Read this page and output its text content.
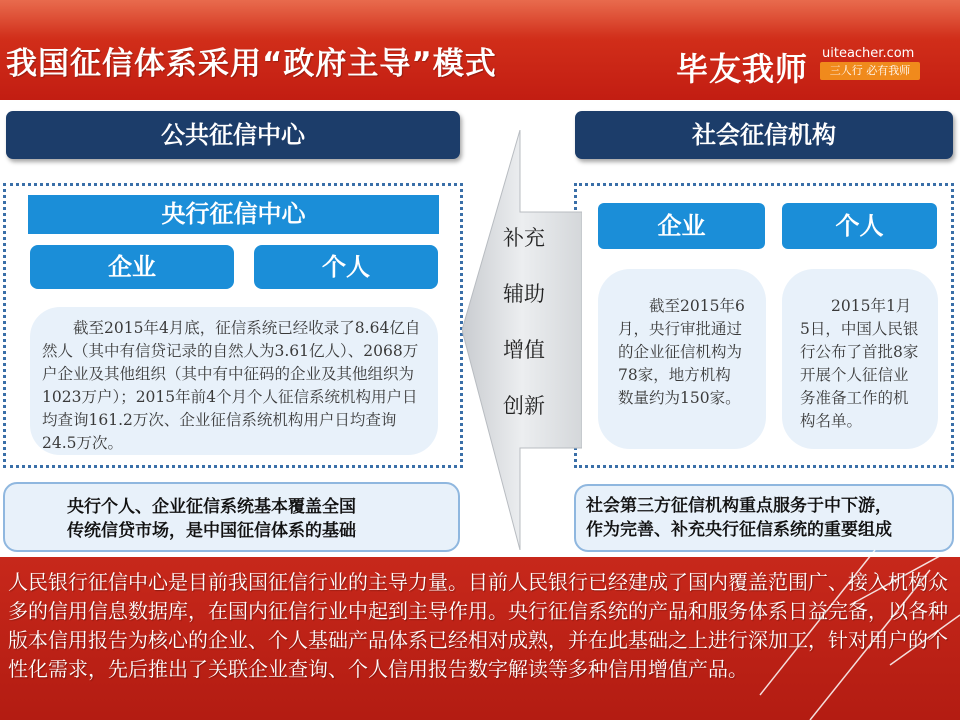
我国征信体系采用“政府主导”模式	毕友我师 uiteacher.com
三人行 必有我师
公共征信中心	社会征信机构
央行征信中心
企业	个人
截至2015年4月底，征信系统已经收录了8.64亿自然人（其中有信贷记录的自然人为3.61亿人）、2068万户企业及其他组织（其中有中征码的企业及其他组织为1023万户）；2015年前4个月个人征信系统机构用户日均查询161.2万次、企业征信系统机构用户日均查询24.5万次。
企业	个人
截至2015年6月，央行审批通过的企业征信机构为78家，地方机构数量约为150家。
2015年1月5日，中国人民银行公布了首批8家开展个人征信业务准备工作的机构名单。
补充
辅助
增值
创新
央行个人、企业征信系统基本覆盖全国
传统信贷市场，是中国征信体系的基础
社会第三方征信机构重点服务于中下游，
作为完善、补充央行征信系统的重要组成
人民银行征信中心是目前我国征信行业的主导力量。目前人民银行已经建成了国内覆盖范围广、接入机构众多的信用信息数据库，在国内征信行业中起到主导作用。央行征信系统的产品和服务体系日益完备，以各种版本信用报告为核心的企业、个人基础产品体系已经相对成熟，并在此基础之上进行深加工，针对用户的个性化需求，先后推出了关联企业查询、个人信用报告数字解读等多种信用增值产品。
